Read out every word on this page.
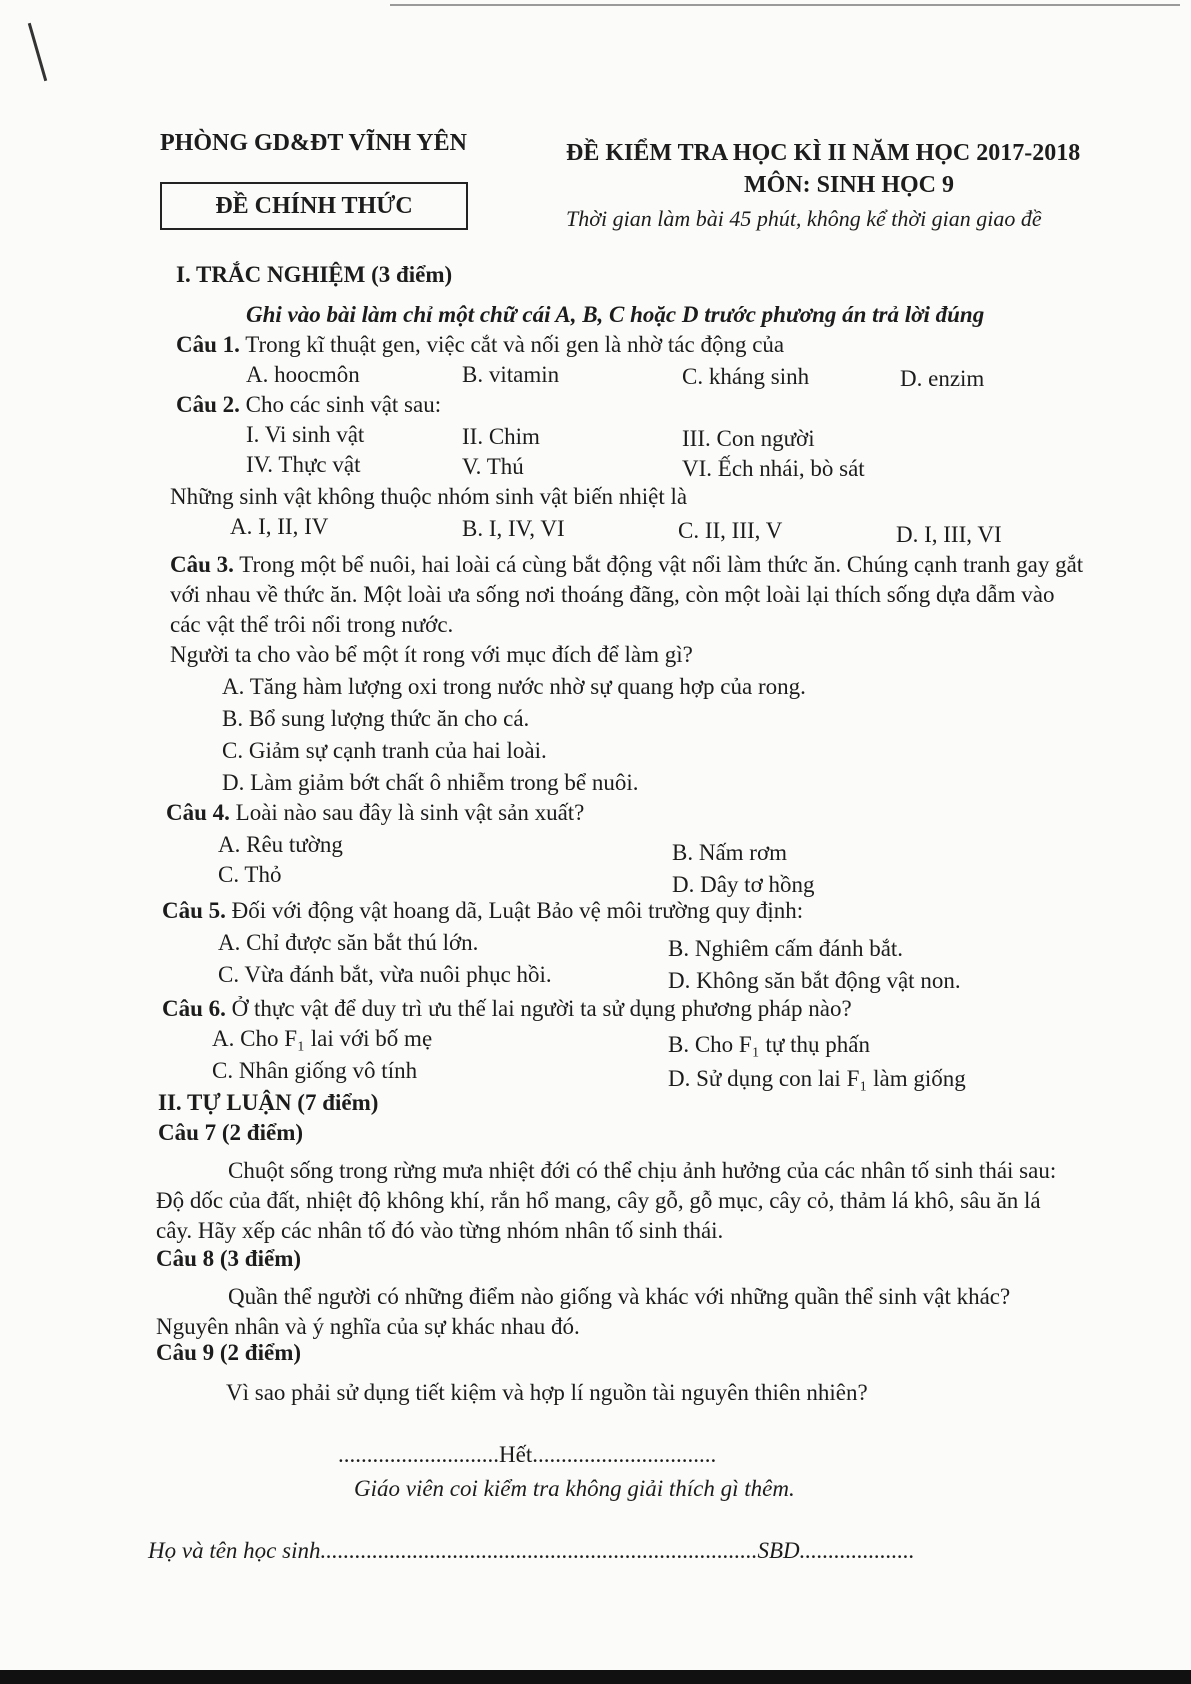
PHÒNG GD&ĐT VĨNH YÊN
ĐỀ CHÍNH THỨC
ĐỀ KIỂM TRA HỌC KÌ II NĂM HỌC 2017-2018
MÔN: SINH HỌC 9
Thời gian làm bài 45 phút, không kể thời gian giao đề
I. TRẮC NGHIỆM (3 điểm)
Ghi vào bài làm chỉ một chữ cái A, B, C hoặc D trước phương án trả lời đúng
Câu 1. Trong kĩ thuật gen, việc cắt và nối gen là nhờ tác động của
A. hoocmôn	B. vitamin	C. kháng sinh	D. enzim
Câu 2. Cho các sinh vật sau:
I. Vi sinh vật	II. Chim	III. Con người
IV. Thực vật	V. Thú	VI. Ếch nhái, bò sát
Những sinh vật không thuộc nhóm sinh vật biến nhiệt là
A. I, II, IV	B. I, IV, VI	C. II, III, V	D. I, III, VI
Câu 3. Trong một bể nuôi, hai loài cá cùng bắt động vật nổi làm thức ăn. Chúng cạnh tranh gay gắt với nhau về thức ăn. Một loài ưa sống nơi thoáng đãng, còn một loài lại thích sống dựa dẫm vào các vật thể trôi nổi trong nước.
Người ta cho vào bể một ít rong với mục đích để làm gì?
A. Tăng hàm lượng oxi trong nước nhờ sự quang hợp của rong.
B. Bổ sung lượng thức ăn cho cá.
C. Giảm sự cạnh tranh của hai loài.
D. Làm giảm bớt chất ô nhiễm trong bể nuôi.
Câu 4. Loài nào sau đây là sinh vật sản xuất?
A. Rêu tường	B. Nấm rơm
C. Thỏ	D. Dây tơ hồng
Câu 5. Đối với động vật hoang dã, Luật Bảo vệ môi trường quy định:
A. Chỉ được săn bắt thú lớn.	B. Nghiêm cấm đánh bắt.
C. Vừa đánh bắt, vừa nuôi phục hồi.	D. Không săn bắt động vật non.
Câu 6. Ở thực vật để duy trì ưu thế lai người ta sử dụng phương pháp nào?
A. Cho F₁ lai với bố mẹ	B. Cho F₁ tự thụ phấn
C. Nhân giống vô tính	D. Sử dụng con lai F₁ làm giống
II. TỰ LUẬN (7 điểm)
Câu 7 (2 điểm)
Chuột sống trong rừng mưa nhiệt đới có thể chịu ảnh hưởng của các nhân tố sinh thái sau: Độ dốc của đất, nhiệt độ không khí, rắn hổ mang, cây gỗ, gỗ mục, cây cỏ, thảm lá khô, sâu ăn lá cây. Hãy xếp các nhân tố đó vào từng nhóm nhân tố sinh thái.
Câu 8 (3 điểm)
Quần thể người có những điểm nào giống và khác với những quần thể sinh vật khác? Nguyên nhân và ý nghĩa của sự khác nhau đó.
Câu 9 (2 điểm)
Vì sao phải sử dụng tiết kiệm và hợp lí nguồn tài nguyên thiên nhiên?
............................Hết................................
Giáo viên coi kiểm tra không giải thích gì thêm.
Họ và tên học sinh............................................................................SBD....................
